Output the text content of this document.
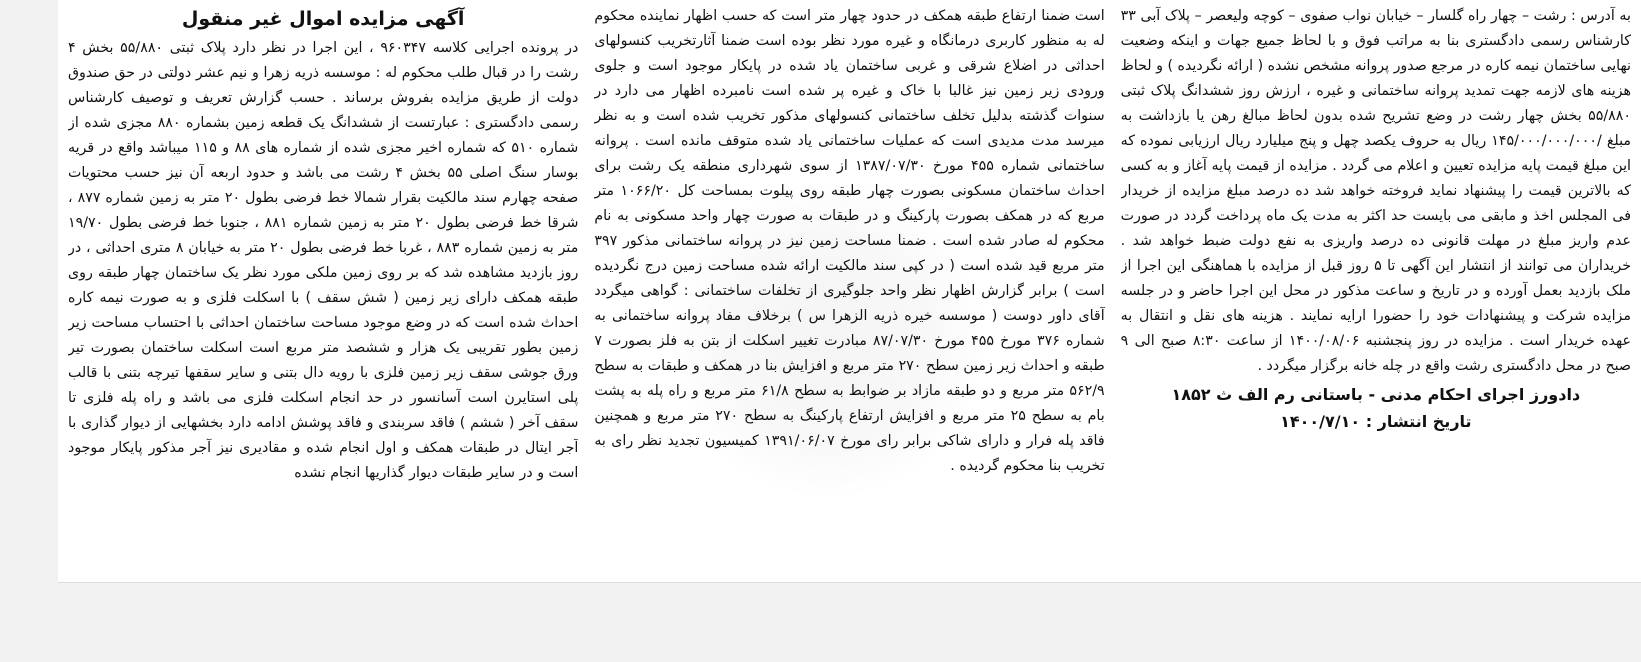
آگهی مزایده اموال غیر منقول

در پرونده اجرایی کلاسه ۹۶۰۳۴۷ ، این اجرا در نظر دارد پلاک ثبتی ۵۵/۸۸۰ بخش ۴ رشت را در قبال طلب محکوم له : موسسه ذریه زهرا و نیم عشر دولتی در حق صندوق دولت از طریق مزایده بفروش برساند . حسب گزارش تعریف و توصیف کارشناس رسمی دادگستری : عبارتست از ششدانگ یک قطعه زمین بشماره ۸۸۰ مجزی شده از شماره ۵۱۰ که شماره اخیر مجزی شده از شماره های ۸۸ و ۱۱۵ میباشد واقع در قریه بوسار سنگ اصلی ۵۵ بخش ۴ رشت می باشد و حدود اربعه آن نیز حسب محتویات صفحه چهارم سند مالکیت بقرار شمالا خط فرضی بطول ۲۰ متر به زمین شماره ۸۷۷ ، شرقا خط فرضی بطول ۲۰ متر به زمین شماره ۸۸۱ ، جنوبا خط فرضی بطول ۱۹/۷۰ متر به زمین شماره ۸۸۳ ، غربا خط فرضی بطول ۲۰ متر به خیابان ۸ متری احداثی ، در روز بازدید مشاهده شد که بر روی زمین ملکی مورد نظر یک ساختمان چهار طبقه روی طبقه همکف دارای زیر زمین ( شش سقف ) با اسکلت فلزی و به صورت نیمه کاره احداث شده است که در وضع موجود مساحت ساختمان احداثی با احتساب مساحت زیر زمین بطور تقریبی یک هزار و ششصد متر مربع است اسکلت ساختمان بصورت تیر ورق جوشی سقف زیر زمین فلزی با رویه دال بتنی و سایر سقفها تیرچه بتنی با قالب پلی استایرن است آسانسور در حد انجام اسکلت فلزی می باشد و راه پله فلزی تا سقف آخر ( ششم ) فاقد سربندی و فاقد پوشش ادامه دارد بخشهایی از دیوار گذاری با آجر ایتال در طبقات همکف و اول انجام شده و مقادیری نیز آجر مذکور پایکار موجود است و در سایر طبقات دیوار گذاریها انجام نشده

است ضمنا ارتفاع طبقه همکف در حدود چهار متر است که حسب اظهار نماینده محکوم له به منظور کاربری درمانگاه و غیره مورد نظر بوده است ضمنا آثارتخریب کنسولهای احداثی در اضلاع شرقی و غربی ساختمان یاد شده در پایکار موجود است و جلوی ورودی زیر زمین نیز غالبا با خاک و غیره پر شده است نامبرده اظهار می دارد در سنوات گذشته بدلیل تخلف ساختمانی کنسولهای مذکور تخریب شده است و به نظر میرسد مدت مدیدی است که عملیات ساختمانی یاد شده متوقف مانده است . پروانه ساختمانی شماره ۴۵۵ مورخ ۱۳۸۷/۰۷/۳۰ از سوی شهرداری منطقه یک رشت برای احداث ساختمان مسکونی بصورت چهار طبقه روی پیلوت بمساحت کل ۱۰۶۶/۲۰ متر مربع که در همکف بصورت پارکینگ و در طبقات به صورت چهار واحد مسکونی به نام محکوم له صادر شده است . ضمنا مساحت زمین نیز در پروانه ساختمانی مذکور ۳۹۷ متر مربع قید شده است ( در کپی سند مالکیت ارائه شده مساحت زمین درج نگردیده است ) برابر گزارش اظهار نظر واحد جلوگیری از تخلفات ساختمانی : گواهی میگردد آقای داور دوست ( موسسه خیره ذریه الزهرا س ) برخلاف مفاد پروانه ساختمانی به شماره ۳۷۶ مورخ ۴۵۵ مورخ ۸۷/۰۷/۳۰ مبادرت تغییر اسکلت از بتن به فلز بصورت ۷ طبقه و احداث زیر زمین سطح ۲۷۰ متر مربع و افزایش بنا در همکف و طبقات به سطح ۵۶۲/۹ متر مربع و دو طبقه مازاد بر ضوابط به سطح ۶۱/۸ متر مربع و راه پله به پشت بام به سطح ۲۵ متر مربع و افزایش ارتفاع پارکینگ به سطح ۲۷۰ متر مربع و همچنین فاقد پله فرار و دارای شاکی برابر رای مورخ ۱۳۹۱/۰۶/۰۷ کمیسیون تجدید نظر رای به تخریب بنا محکوم گردیده .

به آدرس : رشت – چهار راه گلسار – خیابان نواب صفوی – کوچه ولیعصر – پلاک آبی ۳۳ کارشناس رسمی دادگستری بنا به مراتب فوق و با لحاظ جمیع جهات و اینکه وضعیت نهایی ساختمان نیمه کاره در مرجع صدور پروانه مشخص نشده ( ارائه نگردیده ) و لحاظ هزینه های لازمه جهت تمدید پروانه ساختمانی و غیره ، ارزش روز ششدانگ پلاک ثبتی ۵۵/۸۸۰ بخش چهار رشت در وضع تشریح شده بدون لحاظ مبالغ رهن یا بازداشت به مبلغ /۱۴۵/۰۰۰/۰۰۰/۰۰۰ ریال به حروف یکصد چهل و پنج میلیارد ریال ارزیابی نموده که این مبلغ قیمت پایه مزایده تعیین و اعلام می گردد . مزایده از قیمت پایه آغاز و به کسی که بالاترین قیمت را پیشنهاد نماید فروخته خواهد شد ده درصد مبلغ مزایده از خریدار فی المجلس اخذ و مابقی می بایست حد اکثر به مدت یک ماه پرداخت گردد در صورت عدم واریز مبلغ در مهلت قانونی ده درصد واریزی به نفع دولت ضبط خواهد شد . خریداران می توانند از انتشار این آگهی تا ۵ روز قبل از مزایده با هماهنگی این اجرا از ملک بازدید بعمل آورده و در تاریخ و ساعت مذکور در محل این اجرا حاضر و در جلسه مزایده شرکت و پیشنهادات خود را حضورا ارایه نمایند . هزینه های نقل و انتقال به عهده خریدار است . مزایده در روز پنجشنبه ۱۴۰۰/۰۸/۰۶ از ساعت ۸:۳۰ صبح الی ۹ صبح در محل دادگستری رشت واقع در چله خانه برگزار میگردد .

دادورز اجرای احکام مدنی - باستانی رم الف ث ۱۸۵۲
تاریخ انتشار : ۱۴۰۰/۷/۱۰
